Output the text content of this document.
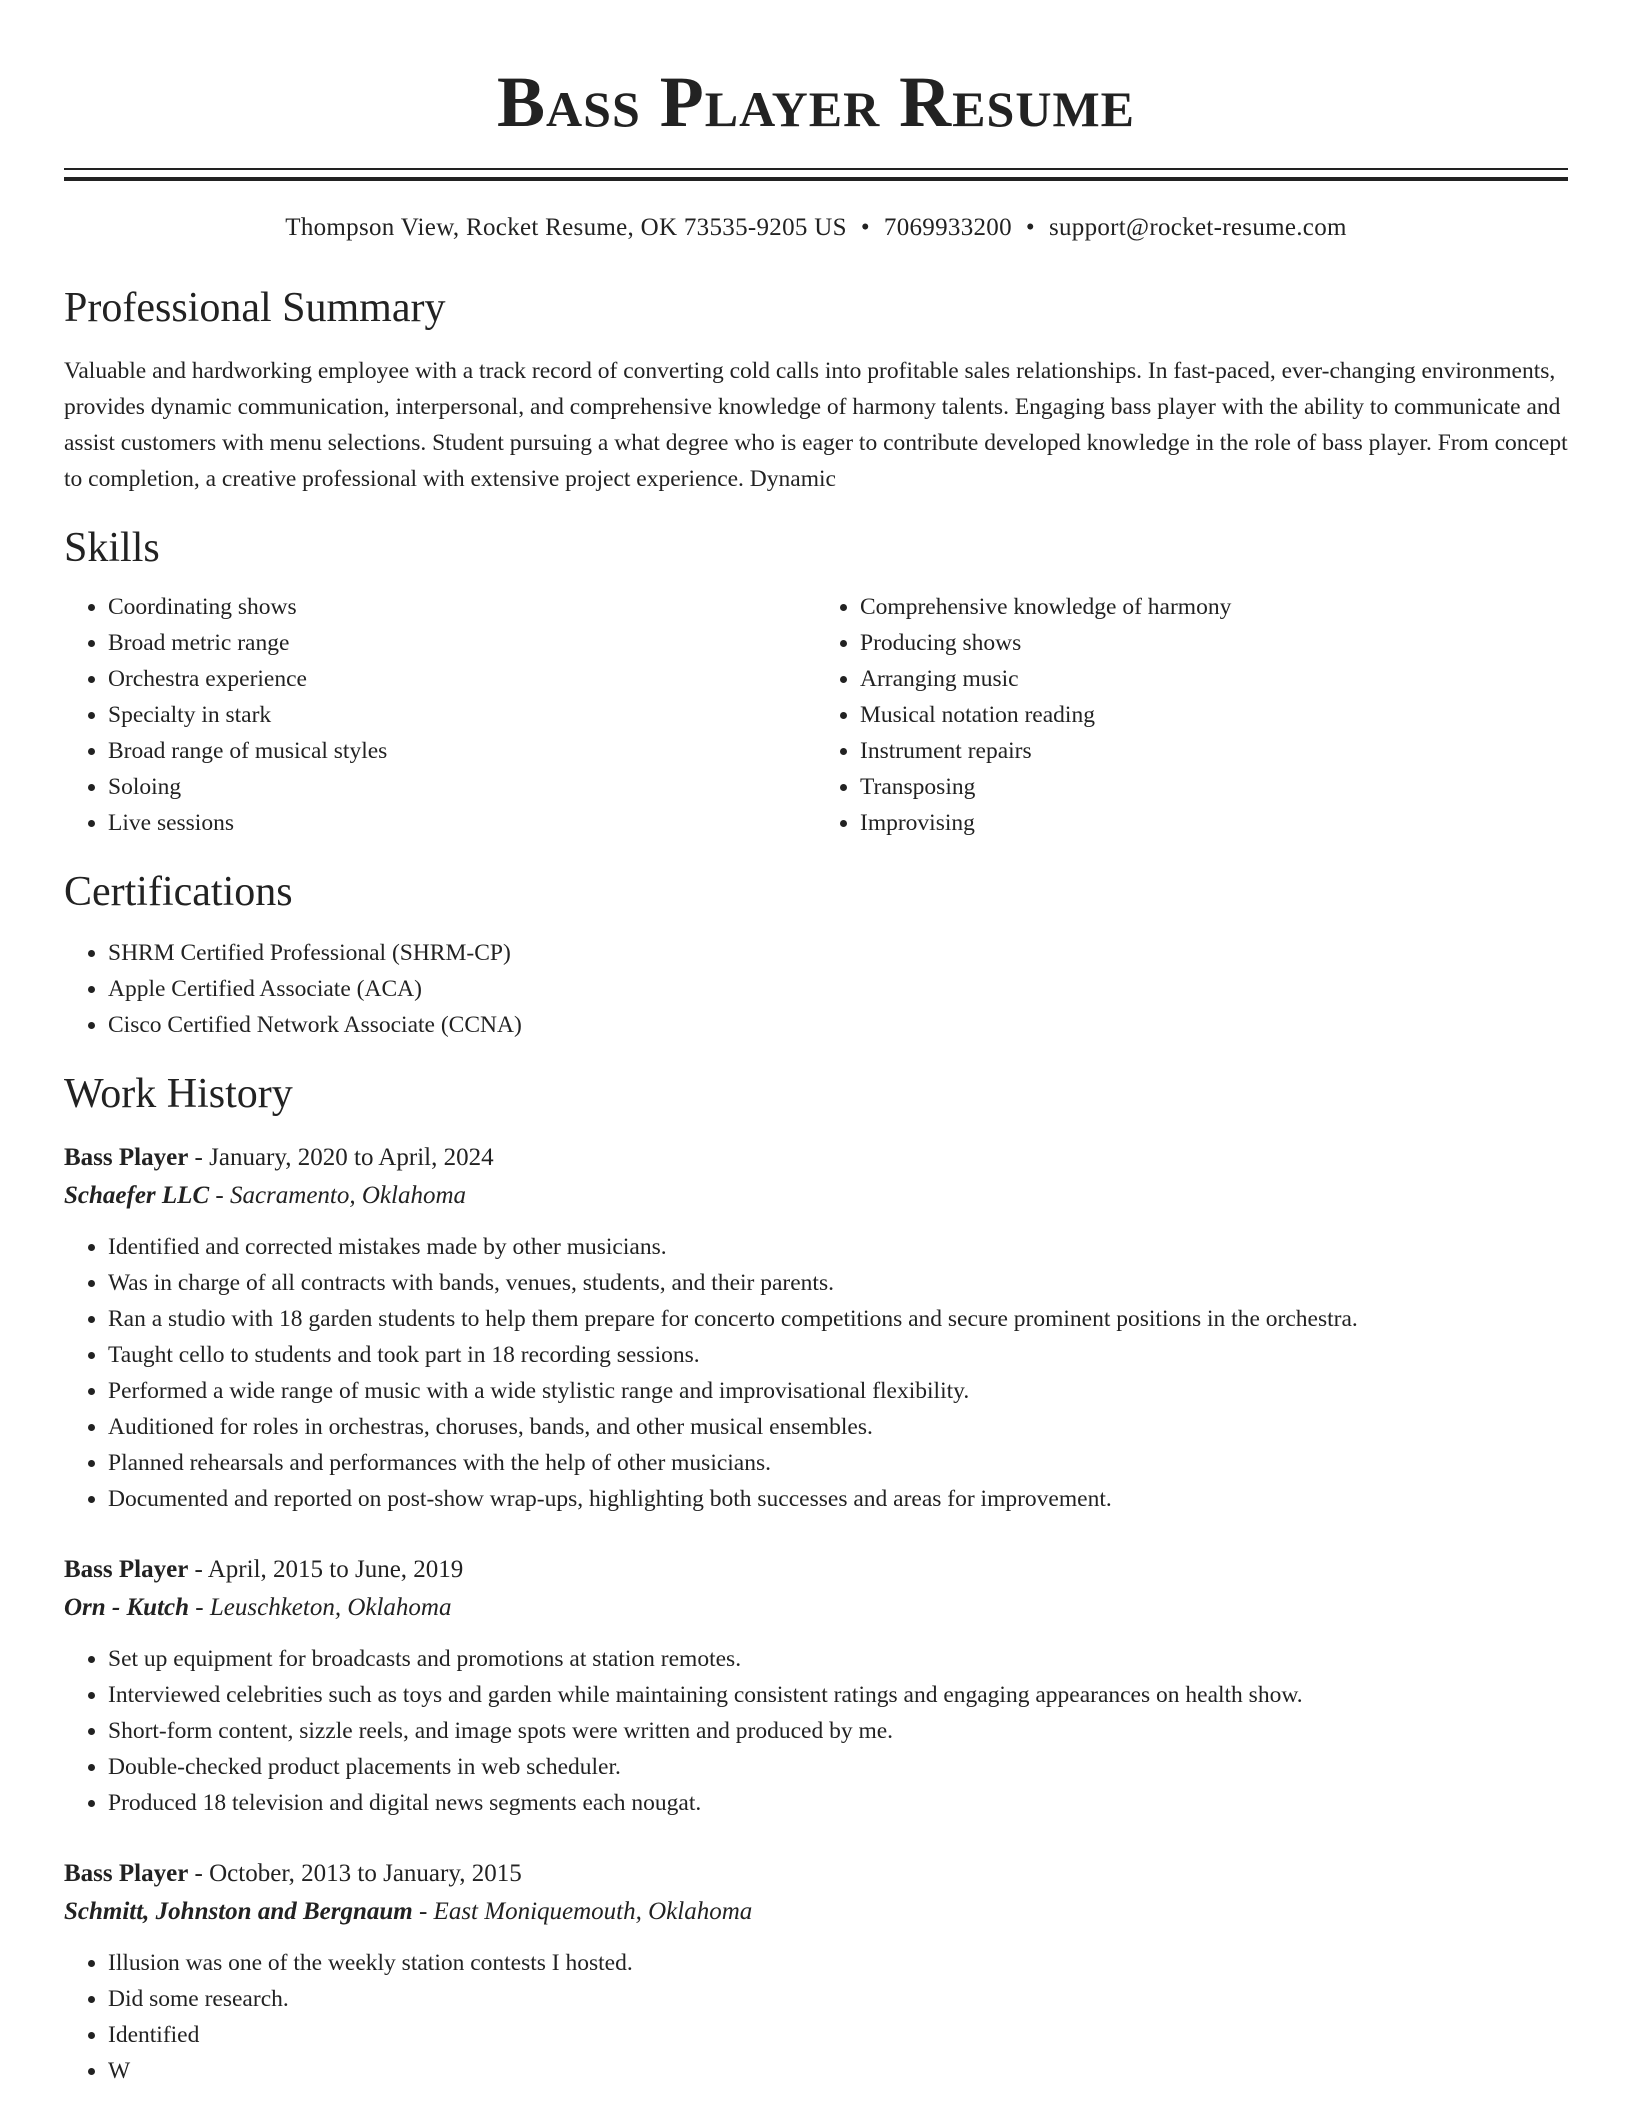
Bass Player Resume
Thompson View, Rocket Resume, OK 73535-9205 US • 7069933200 • support@rocket-resume.com
Professional Summary
Valuable and hardworking employee with a track record of converting cold calls into profitable sales relationships. In fast-paced, ever-changing environments, provides dynamic communication, interpersonal, and comprehensive knowledge of harmony talents. Engaging bass player with the ability to communicate and assist customers with menu selections. Student pursuing a what degree who is eager to contribute developed knowledge in the role of bass player. From concept to completion, a creative professional with extensive project experience. Dynamic
Skills
• Coordinating shows
• Broad metric range
• Orchestra experience
• Specialty in stark
• Broad range of musical styles
• Soloing
• Live sessions
• Comprehensive knowledge of harmony
• Producing shows
• Arranging music
• Musical notation reading
• Instrument repairs
• Transposing
• Improvising
Certifications
• SHRM Certified Professional (SHRM-CP)
• Apple Certified Associate (ACA)
• Cisco Certified Network Associate (CCNA)
Work History
Bass Player - January, 2020 to April, 2024
Schaefer LLC - Sacramento, Oklahoma
• Identified and corrected mistakes made by other musicians.
• Was in charge of all contracts with bands, venues, students, and their parents.
• Ran a studio with 18 garden students to help them prepare for concerto competitions and secure prominent positions in the orchestra.
• Taught cello to students and took part in 18 recording sessions.
• Performed a wide range of music with a wide stylistic range and improvisational flexibility.
• Auditioned for roles in orchestras, choruses, bands, and other musical ensembles.
• Planned rehearsals and performances with the help of other musicians.
• Documented and reported on post-show wrap-ups, highlighting both successes and areas for improvement.
Bass Player - April, 2015 to June, 2019
Orn - Kutch - Leuschketon, Oklahoma
• Set up equipment for broadcasts and promotions at station remotes.
• Interviewed celebrities such as toys and garden while maintaining consistent ratings and engaging appearances on health show.
• Short-form content, sizzle reels, and image spots were written and produced by me.
• Double-checked product placements in web scheduler.
• Produced 18 television and digital news segments each nougat.
Bass Player - October, 2013 to January, 2015
Schmitt, Johnston and Bergnaum - East Moniquemouth, Oklahoma
• Illusion was one of the weekly station contests I hosted.
• Did some research.
• Identified
• W
